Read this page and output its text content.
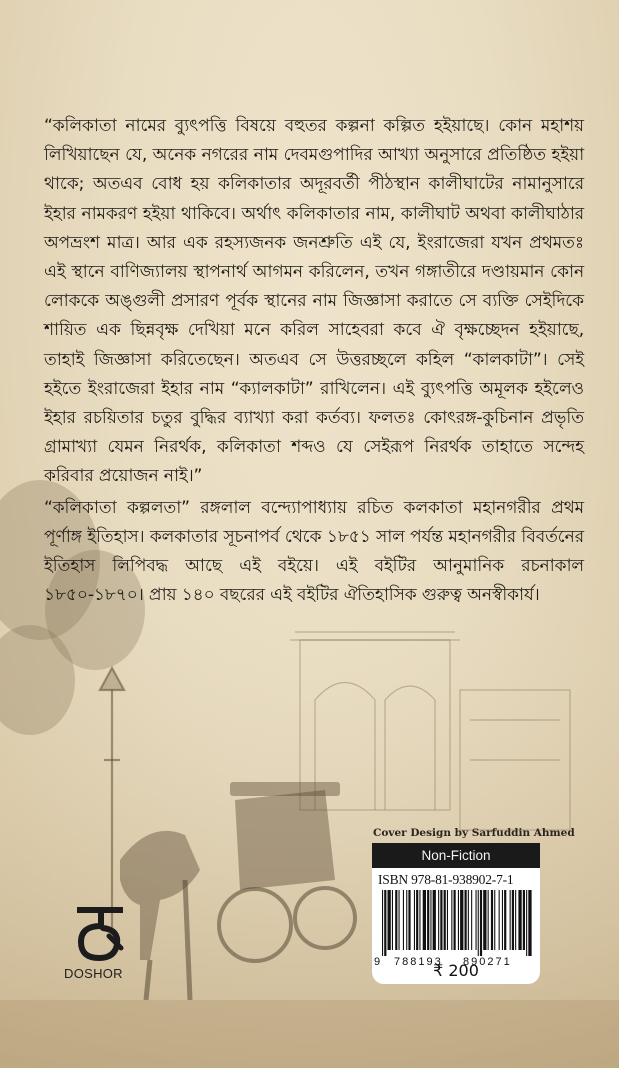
“কলিকাতা নামের ব্যুৎপত্তি বিষয়ে বহুতর কল্পনা কল্পিত হইয়াছে। কোন মহাশয় লিখিয়াছেন যে, অনেক নগরের নাম দেবমগুপাদির আখ্যা অনুসারে প্রতিষ্ঠিত হইয়া থাকে; অতএব বোধ হয় কলিকাতার অদূরবর্তী পীঠস্থান কালীঘাটের নামানুসারে ইহার নামকরণ হইয়া থাকিবে। অর্থাৎ কলিকাতার নাম, কালীঘাট অথবা কালীঘাঠার অপভ্রংশ মাত্র। আর এক রহস্যজনক জনশ্রুতি এই যে, ইংরাজেরা যখন প্রথমতঃ এই স্থানে বাণিজ্যালয় স্থাপনার্থ আগমন করিলেন, তখন গঙ্গাতীরে দণ্ডায়মান কোন লোককে অঙ্গুলী প্রসারণ পূর্বক স্থানের নাম জিজ্ঞাসা করাতে সে ব্যক্তি সেইদিকে শায়িত এক ছিন্নবৃক্ষ দেখিয়া মনে করিল সাহেবরা কবে ঐ বৃক্ষচ্ছেদন হইয়াছে, তাহাই জিজ্ঞাসা করিতেছেন। অতএব সে উত্তরচ্ছলে কহিল “কালকাটা”। সেই হইতে ইংরাজেরা ইহার নাম “ক্যালকাটা” রাখিলেন। এই ব্যুৎপত্তি অমূলক হইলেও ইহার রচয়িতার চতুর বুদ্ধির ব্যাখ্যা করা কর্তব্য। ফলতঃ কোৎরঙ্গ-কুচিনান প্রভৃতি গ্রামাখ্যা যেমন নিরর্থক, কলিকাতা শব্দও যে সেইরূপ নিরর্থক তাহাতে সন্দেহ করিবার প্রয়োজন নাই।”

“কলিকাতা কল্পলতা” রঙ্গলাল বন্দ্যোপাধ্যায় রচিত কলকাতা মহানগরীর প্রথম পূর্ণাঙ্গ ইতিহাস। কলকাতার সূচনাপর্ব থেকে ১৮৫১ সাল পর্যন্ত মহানগরীর বিবর্তনের ইতিহাস লিপিবদ্ধ আছে এই বইয়ে। এই বইটির আনুমানিক রচনাকাল ১৮৫০-১৮৭০। প্রায় ১৪০ বছরের এই বইটির ঐতিহাসিক গুরুত্ব অনস্বীকার্য।

Cover Design by Sarfuddin Ahmed
Non-Fiction
ISBN 978-81-938902-7-1
9 788193 890271
₹ 200
DOSHOR
